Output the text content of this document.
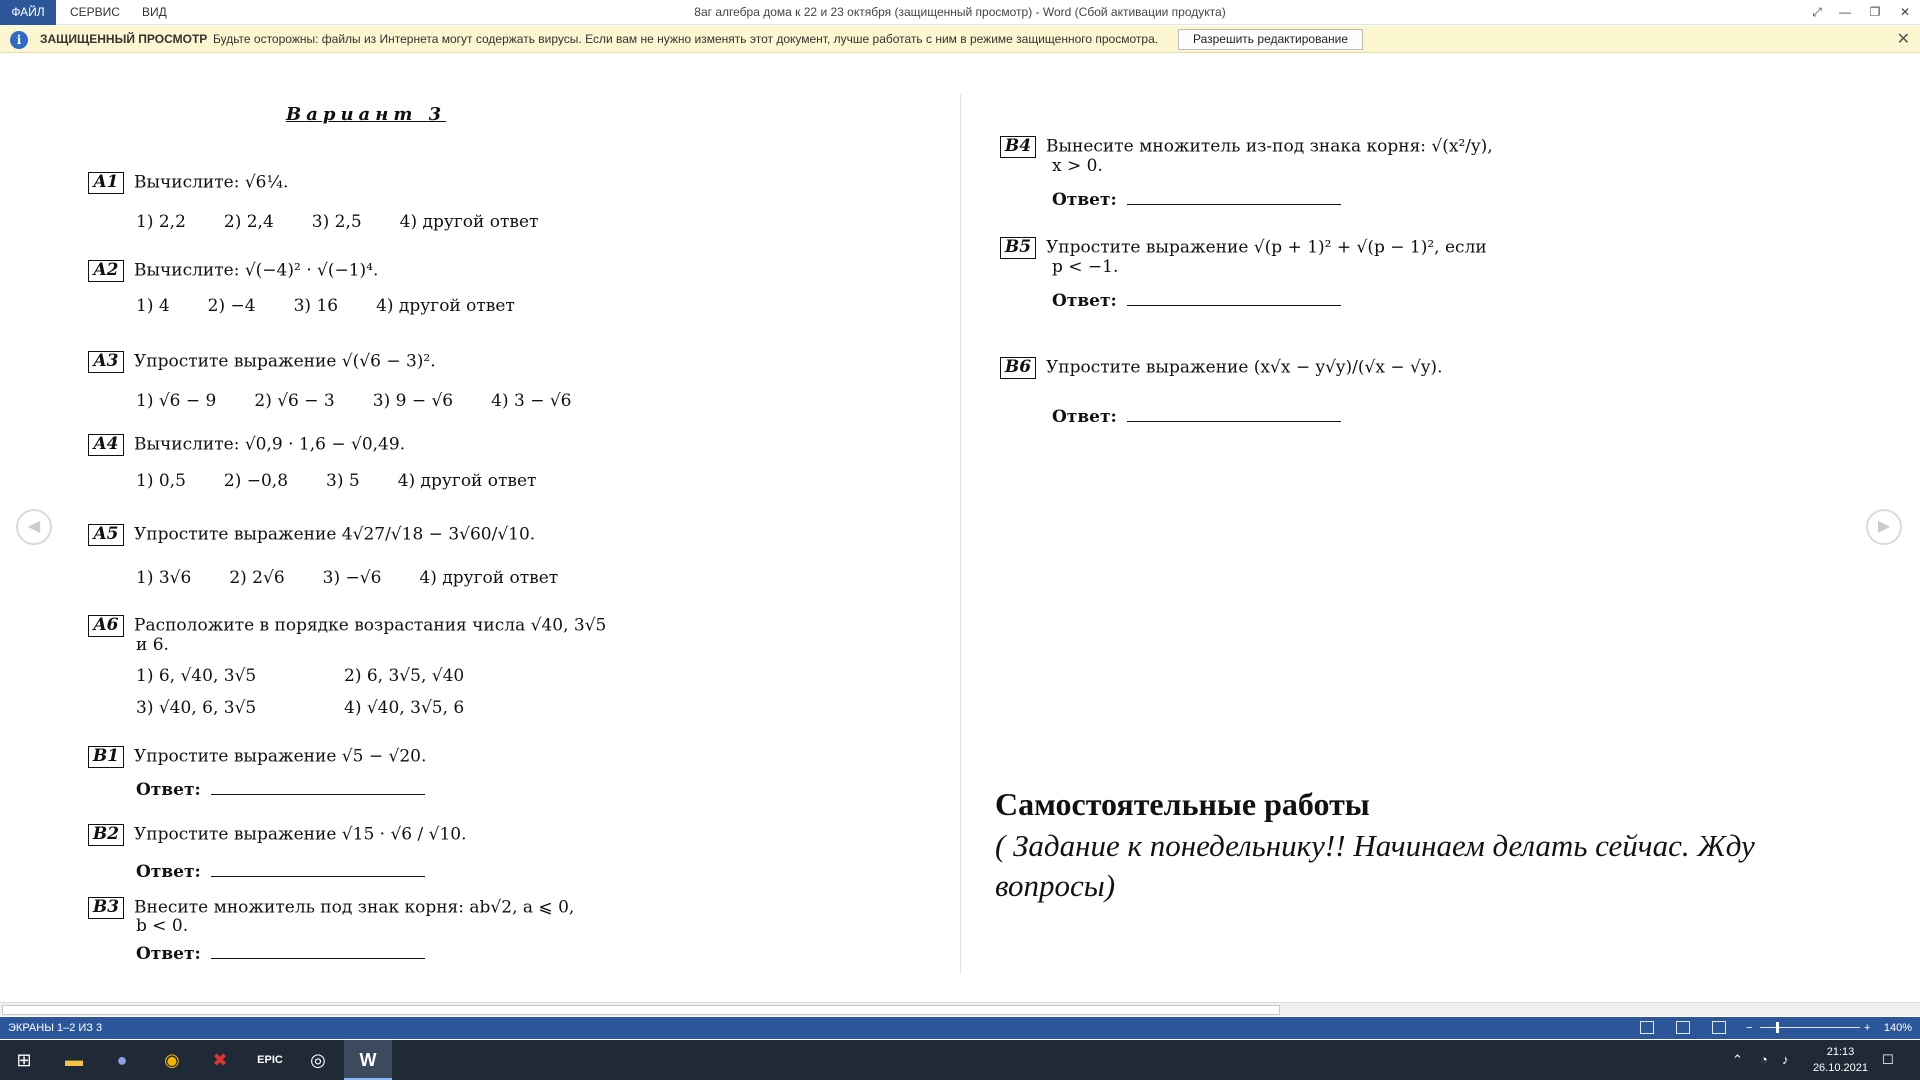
ФАЙЛ	СЕРВИС	ВИД	8аг алгебра дома к 22 и 23 октября (защищенный просмотр) - Word (Сбой активации продукта)	⤢	—	❐	✕
i	ЗАЩИЩЕННЫЙ ПРОСМОТР Будьте осторожны: файлы из Интернета могут содержать вирусы. Если вам не нужно изменять этот документ, лучше работать с ним в режиме защищенного просмотра.	Разрешить редактирование	✕
◀	▶
Вариант 3
A1 Вычислите: √6¼.
1) 2,2 2) 2,4 3) 2,5 4) другой ответ
A2 Вычислите: √(−4)² · √(−1)⁴.
1) 4 2) −4 3) 16 4) другой ответ
A3 Упростите выражение √(√6 − 3)².
1) √6 − 9 2) √6 − 3 3) 9 − √6 4) 3 − √6
A4 Вычислите: √0,9 · 1,6 − √0,49.
1) 0,5 2) −0,8 3) 5 4) другой ответ
A5 Упростите выражение 4√27/√18 − 3√60/√10.
1) 3√6 2) 2√6 3) −√6 4) другой ответ
A6 Расположите в порядке возрастания числа √40, 3√5
и 6.
1) 6, √40, 3√5	2) 6, 3√5, √40
3) √40, 6, 3√5	4) √40, 3√5, 6
B1 Упростите выражение √5 − √20.
Ответ:
B2 Упростите выражение √15 · √6 / √10.
Ответ:
B3 Внесите множитель под знак корня: ab√2, a ⩽ 0,
b < 0.
Ответ:
B4 Вынесите множитель из-под знака корня: √(x²/y),
x > 0.
Ответ:
B5 Упростите выражение √(p + 1)² + √(p − 1)², если
p < −1.
Ответ:
B6 Упростите выражение (x√x − y√y)/(√x − √y).
Ответ:
Самостоятельные работы
( Задание к понедельнику!! Начинаем делать сейчас. Жду вопросы)
ЭКРАНЫ 1–2 ИЗ 3	−	+ 140%
⊞	▬	●	◉	✖	EPIC	◎	W	⌃ ◔ ♪	21:13
26.10.2021
☐
